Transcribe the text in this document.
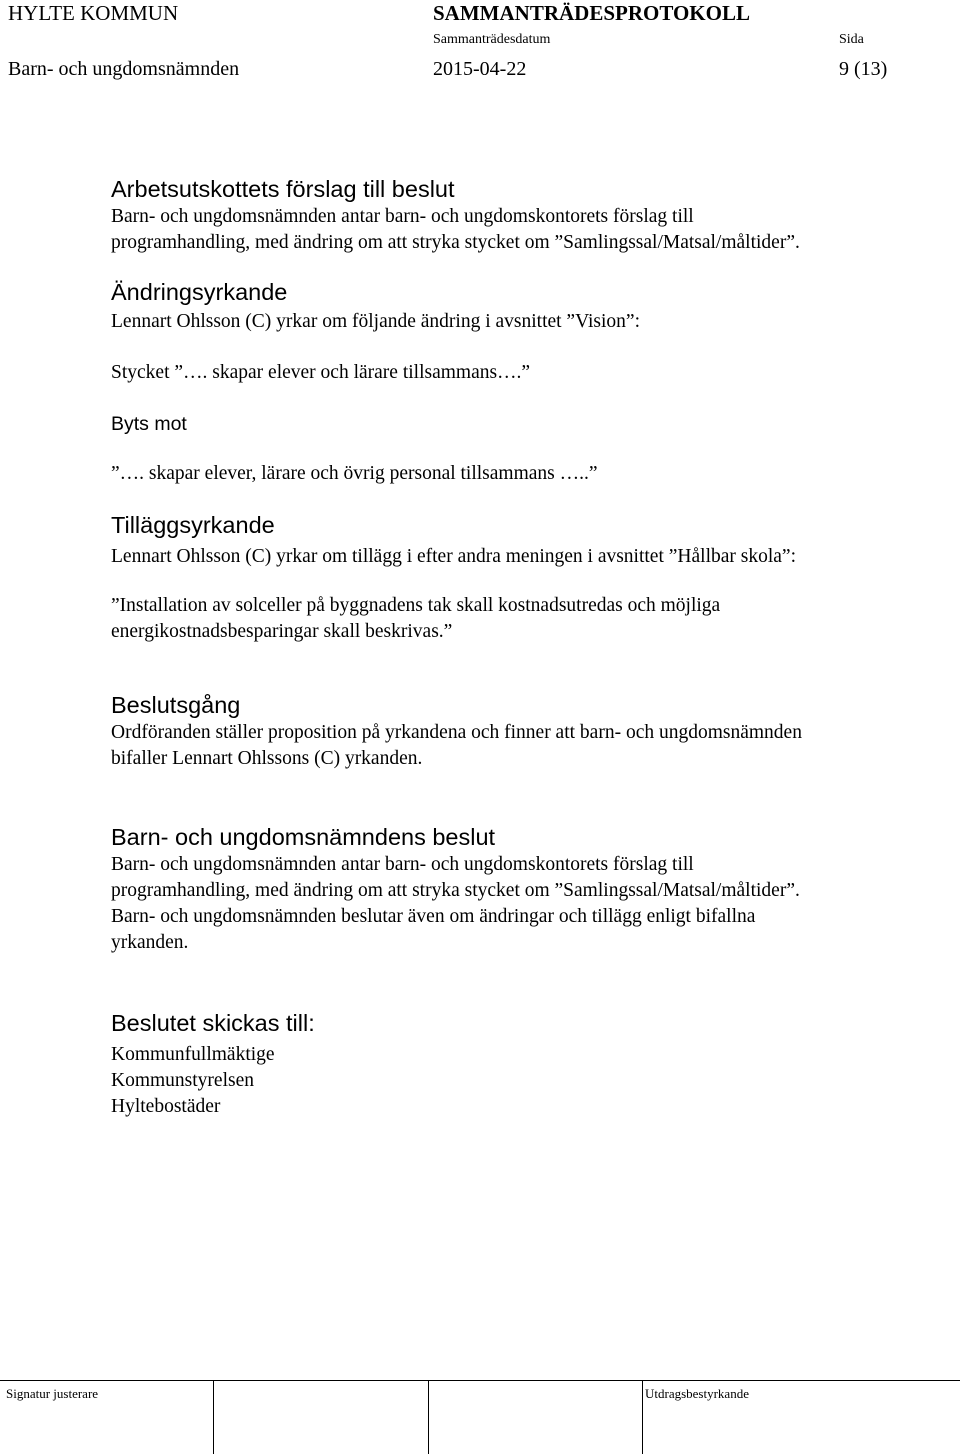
HYLTE KOMMUN	SAMMANTRÄDESPROTOKOLL
Sammanträdesdatum	Sida
Barn- och ungdomsnämnden	2015-04-22	9 (13)
Arbetsutskottets förslag till beslut
Barn- och ungdomsnämnden antar barn- och ungdomskontorets förslag till
programhandling, med ändring om att stryka stycket om ”Samlingssal/Matsal/måltider”.
Ändringsyrkande
Lennart Ohlsson (C) yrkar om följande ändring i avsnittet ”Vision”:
Stycket ”…. skapar elever och lärare tillsammans….”
Byts mot
”…. skapar elever, lärare och övrig personal tillsammans …..”
Tilläggsyrkande
Lennart Ohlsson (C) yrkar om tillägg i efter andra meningen i avsnittet ”Hållbar skola”:
”Installation av solceller på byggnadens tak skall kostnadsutredas och möjliga
energikostnadsbesparingar skall beskrivas.”
Beslutsgång
Ordföranden ställer proposition på yrkandena och finner att barn- och ungdomsnämnden
bifaller Lennart Ohlssons (C) yrkanden.
Barn- och ungdomsnämndens beslut
Barn- och ungdomsnämnden antar barn- och ungdomskontorets förslag till
programhandling, med ändring om att stryka stycket om ”Samlingssal/Matsal/måltider”.
Barn- och ungdomsnämnden beslutar även om ändringar och tillägg enligt bifallna
yrkanden.
Beslutet skickas till:
Kommunfullmäktige
Kommunstyrelsen
Hyltebostäder
Signatur justerare	Utdragsbestyrkande
